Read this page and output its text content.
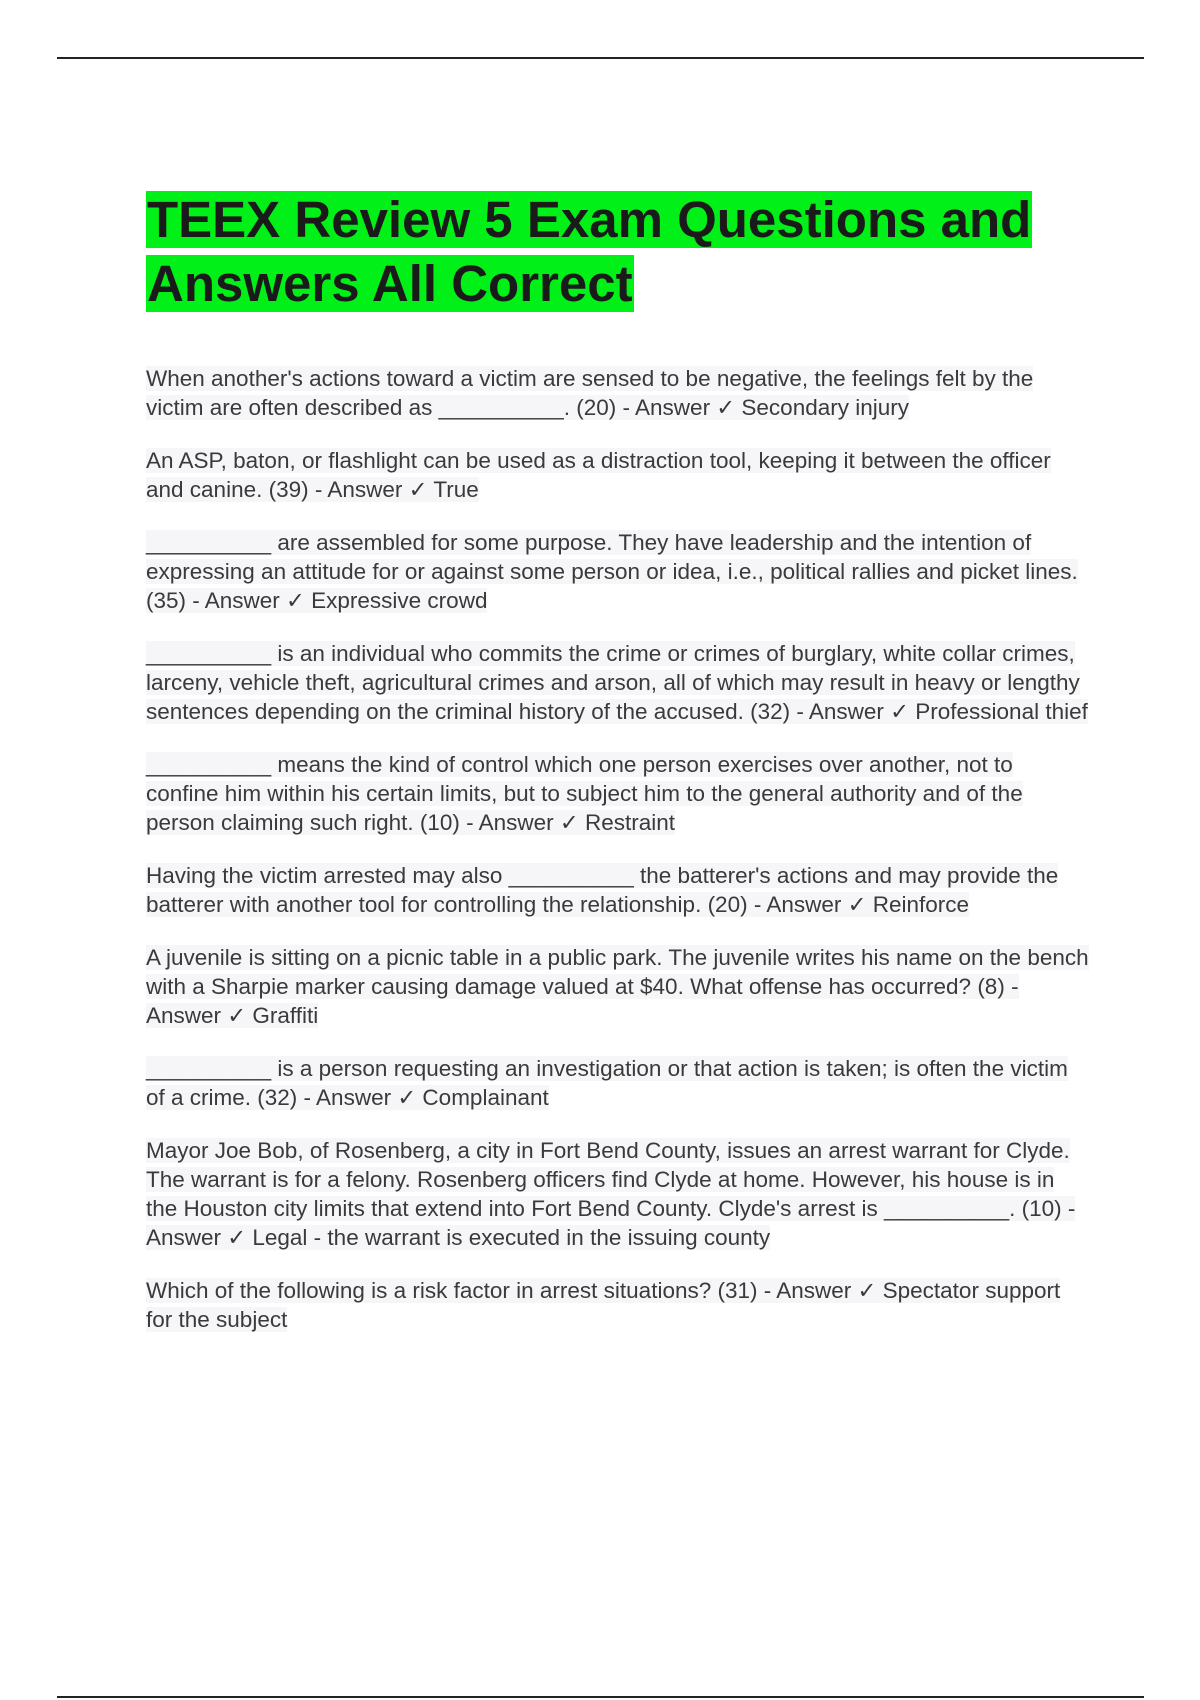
TEEX Review 5 Exam Questions and Answers All Correct

When another's actions toward a victim are sensed to be negative, the feelings felt by the victim are often described as __________. (20) - Answer ✓ Secondary injury

An ASP, baton, or flashlight can be used as a distraction tool, keeping it between the officer and canine. (39) - Answer ✓ True

__________ are assembled for some purpose. They have leadership and the intention of expressing an attitude for or against some person or idea, i.e., political rallies and picket lines. (35) - Answer ✓ Expressive crowd

__________ is an individual who commits the crime or crimes of burglary, white collar crimes, larceny, vehicle theft, agricultural crimes and arson, all of which may result in heavy or lengthy sentences depending on the criminal history of the accused. (32) - Answer ✓ Professional thief

__________ means the kind of control which one person exercises over another, not to confine him within his certain limits, but to subject him to the general authority and of the person claiming such right. (10) - Answer ✓ Restraint

Having the victim arrested may also __________ the batterer's actions and may provide the batterer with another tool for controlling the relationship. (20) - Answer ✓ Reinforce

A juvenile is sitting on a picnic table in a public park. The juvenile writes his name on the bench with a Sharpie marker causing damage valued at $40. What offense has occurred? (8) - Answer ✓ Graffiti

__________ is a person requesting an investigation or that action is taken; is often the victim of a crime. (32) - Answer ✓ Complainant

Mayor Joe Bob, of Rosenberg, a city in Fort Bend County, issues an arrest warrant for Clyde. The warrant is for a felony. Rosenberg officers find Clyde at home. However, his house is in the Houston city limits that extend into Fort Bend County. Clyde's arrest is __________. (10) - Answer ✓ Legal - the warrant is executed in the issuing county

Which of the following is a risk factor in arrest situations? (31) - Answer ✓ Spectator support for the subject
